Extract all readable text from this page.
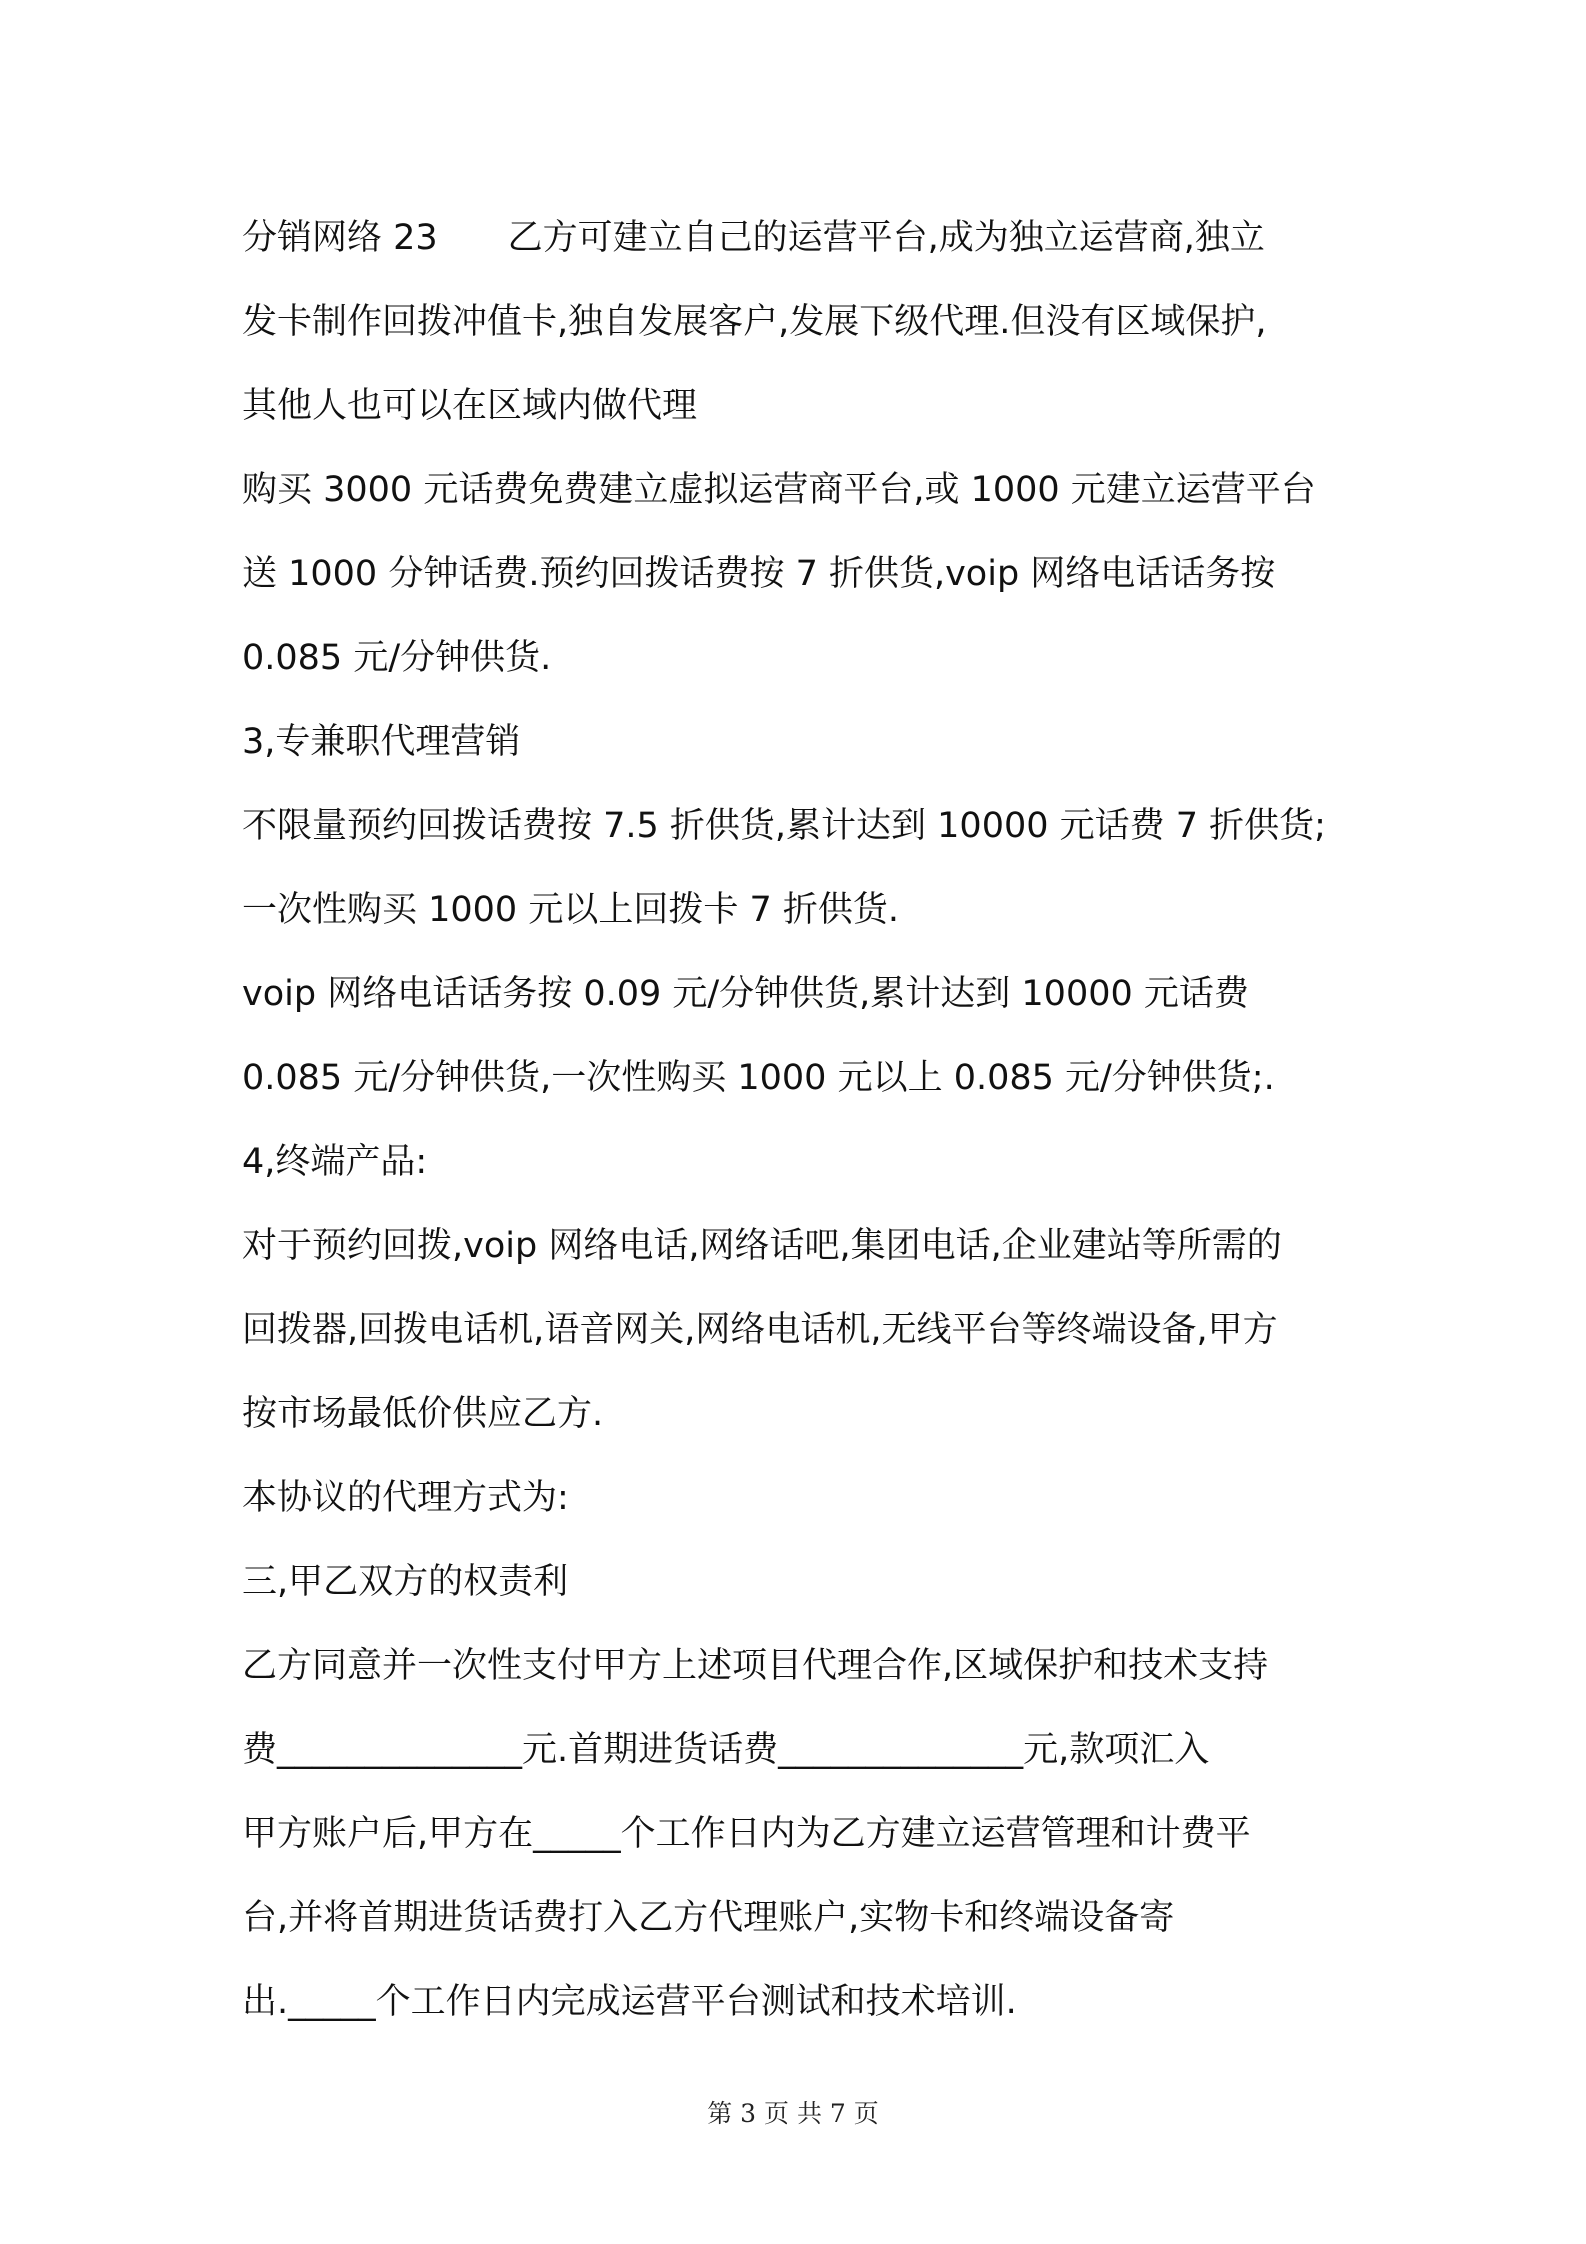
分销网络 23　　乙方可建立自己的运营平台,成为独立运营商,独立
发卡制作回拨冲值卡,独自发展客户,发展下级代理.但没有区域保护,
其他人也可以在区域内做代理
购买 3000 元话费免费建立虚拟运营商平台,或 1000 元建立运营平台
送 1000 分钟话费.预约回拨话费按 7 折供货,voip 网络电话话务按
0.085 元/分钟供货.
3,专兼职代理营销
不限量预约回拨话费按 7.5 折供货,累计达到 10000 元话费 7 折供货;
一次性购买 1000 元以上回拨卡 7 折供货.
voip 网络电话话务按 0.09 元/分钟供货,累计达到 10000 元话费
0.085 元/分钟供货,一次性购买 1000 元以上 0.085 元/分钟供货;.
4,终端产品:
对于预约回拨,voip 网络电话,网络话吧,集团电话,企业建站等所需的
回拨器,回拨电话机,语音网关,网络电话机,无线平台等终端设备,甲方
按市场最低价供应乙方.
本协议的代理方式为:
三,甲乙双方的权责利
乙方同意并一次性支付甲方上述项目代理合作,区域保护和技术支持
费______________元.首期进货话费______________元,款项汇入
甲方账户后,甲方在_____个工作日内为乙方建立运营管理和计费平
台,并将首期进货话费打入乙方代理账户,实物卡和终端设备寄
出._____个工作日内完成运营平台测试和技术培训.
第 3 页 共 7 页
